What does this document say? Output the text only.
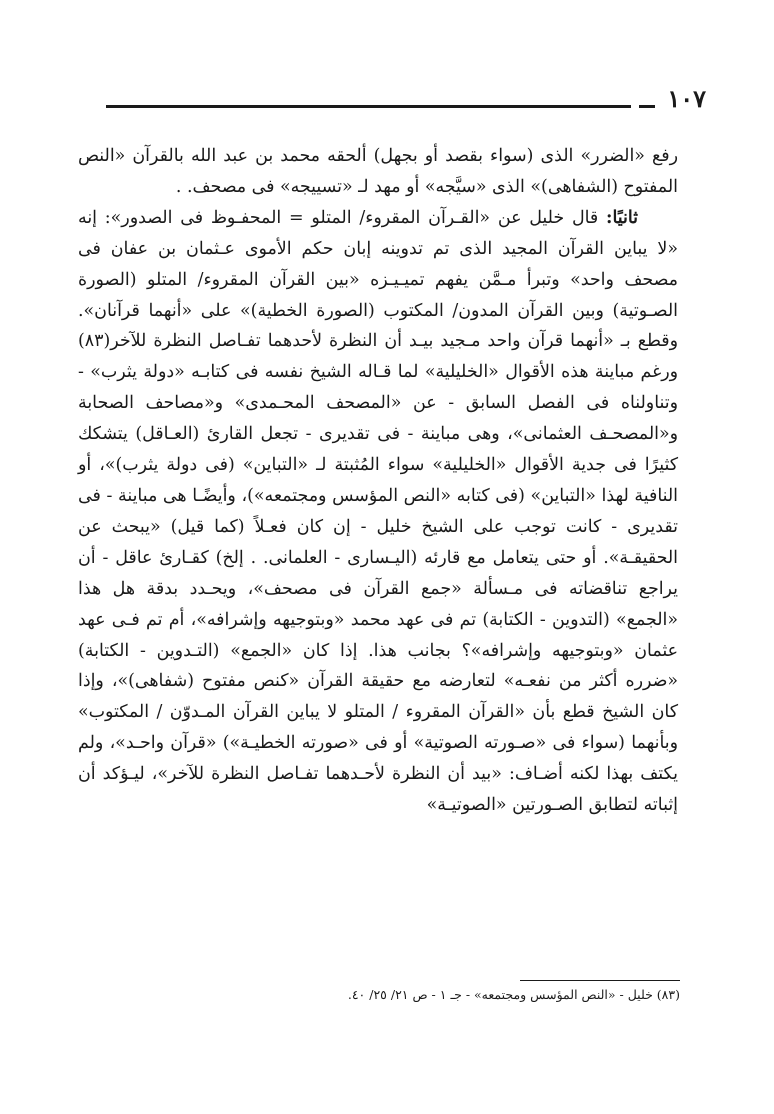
١٠٧

رفع «الضرر» الذى (سواء بقصد أو بجهل) ألحقه محمد بن عبد الله بالقرآن «النص المفتوح (الشفاهى)» الذى «سيَّجه» أو مهد لـ «تسييجه» فى مصحف. .

ثانيًا: قال خليل عن «القـرآن المقروء/ المتلو = المحفـوظ فى الصدور»: إنه «لا يباين القرآن المجيد الذى تم تدوينه إبان حكم الأموى عـثمان بن عفان فى مصحف واحد» وتبرأ مـمَّن يفهم تميـيـزه «بين القرآن المقروء/ المتلو (الصورة الصـوتية) وبين القرآن المدون/ المكتوب (الصورة الخطية)» على «أنهما قرآنان». وقطع بـ «أنهما قرآن واحد مـجيد بيـد أن النظرة لأحدهما تفـاصل النظرة للآخر(٨٣) ورغم مباينة هذه الأقوال «الخليلية» لما قـاله الشيخ نفسه فى كتابـه «دولة يثرب» - وتناولناه فى الفصل السابق - عن «المصحف المحـمدى» و«مصاحف الصحابة و«المصحـف العثمانى»، وهى مباينة - فى تقديرى - تجعل القارئ (العـاقل) يتشكك كثيرًا فى جدية الأقوال «الخليلية» سواء المُثبتة لـ «التباين» (فى دولة يثرب)»، أو النافية لهذا «التباين» (فى كتابه «النص المؤسس ومجتمعه»)، وأيضًـا هى مباينة - فى تقديرى - كانت توجب على الشيخ خليل - إن كان فعـلاً (كما قيل) «يبحث عن الحقيقـة». أو حتى يتعامل مع قارئه (اليـسارى - العلمانى. . إلخ) كقـارئ عاقل - أن يراجع تناقضاته فى مـسألة «جمع القرآن فى مصحف»، ويحـدد بدقة هل هذا «الجمع» (التدوين - الكتابة) تم فى عهد محمد «وبتوجيهه وإشرافه»، أم تم فـى عهد عثمان «وبتوجيهه وإشرافه»؟ بجانب هذا. إذا كان «الجمع» (التـدوين - الكتابة) «ضرره أكثر من نفعـه» لتعارضه مع حقيقة القرآن «كنص مفتوح (شفاهى)»، وإذا كان الشيخ قطع بأن «القرآن المقروء / المتلو لا يباين القرآن المـدوّن / المكتوب» وبأنهما (سواء فى «صـورته الصوتية» أو فى «صورته الخطيـة») «قرآن واحـد»، ولم يكتف بهذا لكنه أضـاف: «بيد أن النظرة لأحـدهما تفـاصل النظرة للآخر»، ليـؤكد أن إثباته لتطابق الصـورتين «الصوتيـة»

(٨٣) خليل - «النص المؤسس ومجتمعه» - جـ ١ - ص ٢١/ ٢٥/ ٤٠.
